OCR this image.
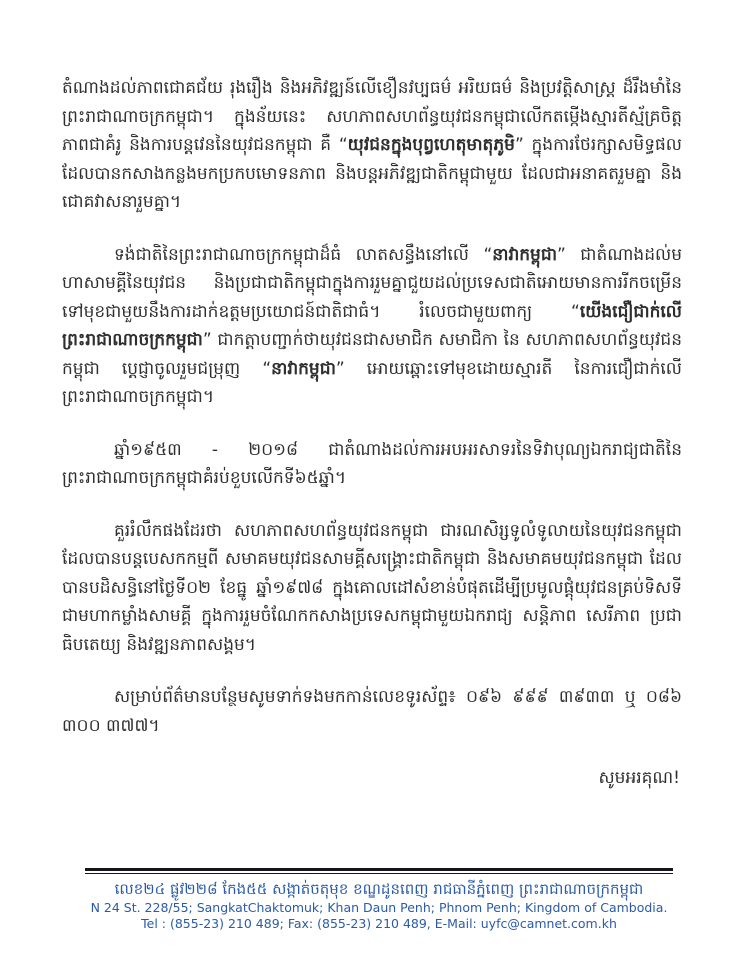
តំណាងដល់ភាពជោគជ័យ រុងរឿង និងអភិវឌ្ឍន៍លើខឿនវប្បធម៌ អរិយធម៌ និងប្រវត្តិសាស្ត្រ ដ៏រឹងមាំនៃព្រះរាជាណាចក្រកម្ពុជា។ ក្នុងន័យនេះ សហភាពសហព័ន្ធយុវជនកម្ពុជាលើកតម្កើងស្មារតីស្ម័គ្រចិត្ត ភាពជាគំរូ និងការបន្តវេននៃយុវជនកម្ពុជា គឺ “យុវជនក្នុងបុព្វហេតុមាតុភូមិ” ក្នុងការថែរក្សាសមិទ្ធផលដែលបានកសាងកន្លងមកប្រកបមោទនភាព និងបន្តអភិវឌ្ឍជាតិកម្ពុជាមួយ ដែលជាអនាគតរួមគ្នា និងជោគវាសនារួមគ្នា។

ទង់ជាតិនៃព្រះរាជាណាចក្រកម្ពុជាដ៏ធំ លាតសន្ធឹងនៅលើ “នាវាកម្ពុជា” ជាតំណាងដល់មហាសាមគ្គីនៃយុវជន និងប្រជាជាតិកម្ពុជាក្នុងការរួមគ្នាជួយដល់ប្រទេសជាតិអោយមានការរីកចម្រើនទៅមុខជាមួយនឹងការដាក់ឧត្តមប្រយោជន៍ជាតិជាធំ។ រំលេចជាមួយពាក្យ “យើងជឿជាក់លើព្រះរាជាណាចក្រកម្ពុជា” ជាកត្តាបញ្ជាក់ថាយុវជនជាសមាជិក សមាជិកា នៃ សហភាពសហព័ន្ធយុវជនកម្ពុជា ប្តេជ្ញាចូលរួមជម្រុញ “នាវាកម្ពុជា” អោយឆ្ពោះទៅមុខដោយស្មារតី នៃការជឿជាក់លើព្រះរាជាណាចក្រកម្ពុជា។

ឆ្នាំ១៩៥៣ - ២០១៨ ជាតំណាងដល់ការអបអរសាទរនៃទិវាបុណ្យឯករាជ្យជាតិនៃព្រះរាជាណាចក្រកម្ពុជាគំរប់ខួបលើកទី៦៥ឆ្នាំ។

គួររំលឹកផងដែរថា សហភាពសហព័ន្ធយុវជនកម្ពុជា ជារណសិរ្សទូលំទូលាយនៃយុវជនកម្ពុជា ដែលបានបន្តបេសកកម្មពី សមាគមយុវជនសាមគ្គីសង្គ្រោះជាតិកម្ពុជា និងសមាគមយុវជនកម្ពុជា ដែលបានបដិសន្ធិនៅថ្ងៃទី០២ ខែធ្នូ ឆ្នាំ១៩៧៨ ក្នុងគោលដៅសំខាន់បំផុតដើម្បីប្រមូលផ្តុំយុវជនគ្រប់ទិសទី ជាមហាកម្លាំងសាមគ្គី ក្នុងការរួមចំណែកកសាងប្រទេសកម្ពុជាមួយឯករាជ្យ សន្តិភាព សេរីភាព ប្រជាធិបតេយ្យ និងវឌ្ឍនភាពសង្គម។

សម្រាប់ព័ត៌មានបន្ថែមសូមទាក់ទងមកកាន់លេខទូរស័ព្ទ៖ ០៩៦ ៩៩៩ ៣៩៣៣ ឬ ០៨៦ ៣០០ ៣៧៧។

សូមអរគុណ!
លេខ២៤ ផ្លូវ២២៨ កែង៥៥ សង្កាត់ចតុមុខ ខណ្ឌដូនពេញ រាជធានីភ្នំពេញ ព្រះរាជាណាចក្រកម្ពុជា
N 24 St. 228/55; SangkatChaktomuk; Khan Daun Penh; Phnom Penh; Kingdom of Cambodia.
Tel : (855-23) 210 489; Fax: (855-23) 210 489, E-Mail: uyfc@camnet.com.kh
